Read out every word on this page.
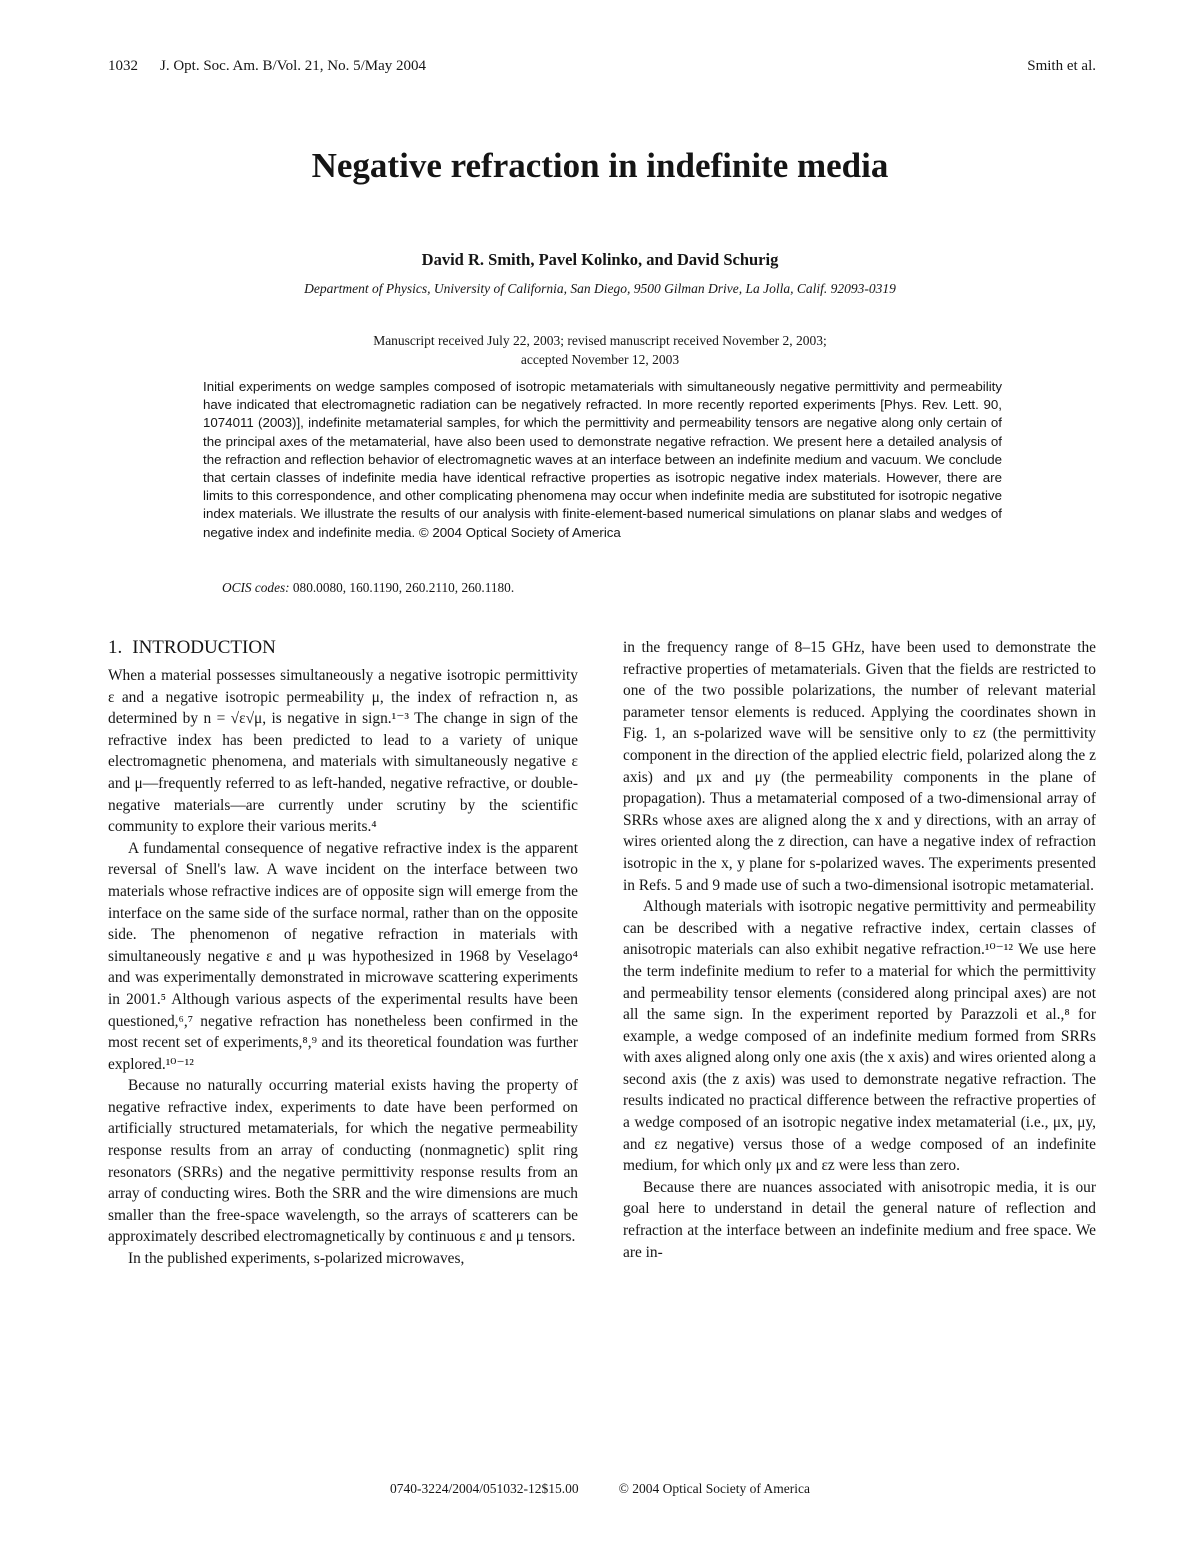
1032 J. Opt. Soc. Am. B/Vol. 21, No. 5/May 2004	Smith et al.
Negative refraction in indefinite media
David R. Smith, Pavel Kolinko, and David Schurig
Department of Physics, University of California, San Diego, 9500 Gilman Drive, La Jolla, Calif. 92093-0319
Manuscript received July 22, 2003; revised manuscript received November 2, 2003;
accepted November 12, 2003
Initial experiments on wedge samples composed of isotropic metamaterials with simultaneously negative permittivity and permeability have indicated that electromagnetic radiation can be negatively refracted. In more recently reported experiments [Phys. Rev. Lett. 90, 1074011 (2003)], indefinite metamaterial samples, for which the permittivity and permeability tensors are negative along only certain of the principal axes of the metamaterial, have also been used to demonstrate negative refraction. We present here a detailed analysis of the refraction and reflection behavior of electromagnetic waves at an interface between an indefinite medium and vacuum. We conclude that certain classes of indefinite media have identical refractive properties as isotropic negative index materials. However, there are limits to this correspondence, and other complicating phenomena may occur when indefinite media are substituted for isotropic negative index materials. We illustrate the results of our analysis with finite-element-based numerical simulations on planar slabs and wedges of negative index and indefinite media. © 2004 Optical Society of America
OCIS codes: 080.0080, 160.1190, 260.2110, 260.1180.
1. INTRODUCTION

When a material possesses simultaneously a negative isotropic permittivity ε and a negative isotropic permeability μ, the index of refraction n, as determined by n = √ε√μ, is negative in sign.¹⁻³ The change in sign of the refractive index has been predicted to lead to a variety of unique electromagnetic phenomena, and materials with simultaneously negative ε and μ—frequently referred to as left-handed, negative refractive, or double-negative materials—are currently under scrutiny by the scientific community to explore their various merits.⁴

A fundamental consequence of negative refractive index is the apparent reversal of Snell's law. A wave incident on the interface between two materials whose refractive indices are of opposite sign will emerge from the interface on the same side of the surface normal, rather than on the opposite side. The phenomenon of negative refraction in materials with simultaneously negative ε and μ was hypothesized in 1968 by Veselago⁴ and was experimentally demonstrated in microwave scattering experiments in 2001.⁵ Although various aspects of the experimental results have been questioned,⁶,⁷ negative refraction has nonetheless been confirmed in the most recent set of experiments,⁸,⁹ and its theoretical foundation was further explored.¹⁰⁻¹²

Because no naturally occurring material exists having the property of negative refractive index, experiments to date have been performed on artificially structured metamaterials, for which the negative permeability response results from an array of conducting (nonmagnetic) split ring resonators (SRRs) and the negative permittivity response results from an array of conducting wires. Both the SRR and the wire dimensions are much smaller than the free-space wavelength, so the arrays of scatterers can be approximately described electromagnetically by continuous ε and μ tensors.

In the published experiments, s-polarized microwaves,

in the frequency range of 8–15 GHz, have been used to demonstrate the refractive properties of metamaterials. Given that the fields are restricted to one of the two possible polarizations, the number of relevant material parameter tensor elements is reduced. Applying the coordinates shown in Fig. 1, an s-polarized wave will be sensitive only to εz (the permittivity component in the direction of the applied electric field, polarized along the z axis) and μx and μy (the permeability components in the plane of propagation). Thus a metamaterial composed of a two-dimensional array of SRRs whose axes are aligned along the x and y directions, with an array of wires oriented along the z direction, can have a negative index of refraction isotropic in the x, y plane for s-polarized waves. The experiments presented in Refs. 5 and 9 made use of such a two-dimensional isotropic metamaterial.

Although materials with isotropic negative permittivity and permeability can be described with a negative refractive index, certain classes of anisotropic materials can also exhibit negative refraction.¹⁰⁻¹² We use here the term indefinite medium to refer to a material for which the permittivity and permeability tensor elements (considered along principal axes) are not all the same sign. In the experiment reported by Parazzoli et al.,⁸ for example, a wedge composed of an indefinite medium formed from SRRs with axes aligned along only one axis (the x axis) and wires oriented along a second axis (the z axis) was used to demonstrate negative refraction. The results indicated no practical difference between the refractive properties of a wedge composed of an isotropic negative index metamaterial (i.e., μx, μy, and εz negative) versus those of a wedge composed of an indefinite medium, for which only μx and εz were less than zero.

Because there are nuances associated with anisotropic media, it is our goal here to understand in detail the general nature of reflection and refraction at the interface between an indefinite medium and free space. We are in-

0740-3224/2004/051032-12$15.00	© 2004 Optical Society of America
